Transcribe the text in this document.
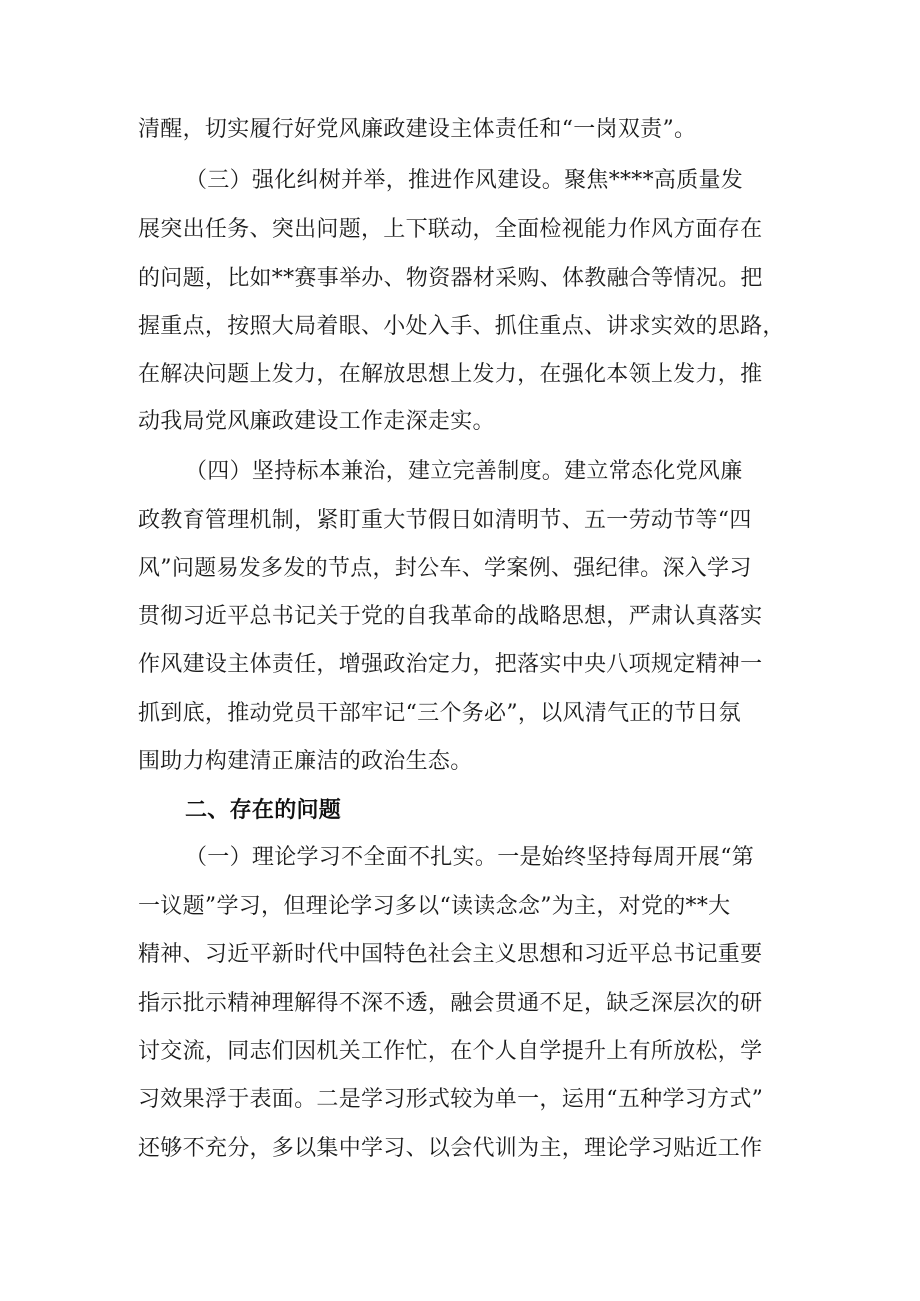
清醒，切实履行好党风廉政建设主体责任和“一岗双责”。
（三）强化纠树并举，推进作风建设。聚焦****高质量发
展突出任务、突出问题，上下联动，全面检视能力作风方面存在
的问题，比如**赛事举办、物资器材采购、体教融合等情况。把
握重点，按照大局着眼、小处入手、抓住重点、讲求实效的思路，
在解决问题上发力，在解放思想上发力，在强化本领上发力，推
动我局党风廉政建设工作走深走实。
（四）坚持标本兼治，建立完善制度。建立常态化党风廉
政教育管理机制，紧盯重大节假日如清明节、五一劳动节等“四
风”问题易发多发的节点，封公车、学案例、强纪律。深入学习
贯彻习近平总书记关于党的自我革命的战略思想，严肃认真落实
作风建设主体责任，增强政治定力，把落实中央八项规定精神一
抓到底，推动党员干部牢记“三个务必”，以风清气正的节日氛
围助力构建清正廉洁的政治生态。
二、存在的问题
（一）理论学习不全面不扎实。一是始终坚持每周开展“第
一议题”学习，但理论学习多以“读读念念”为主，对党的**大
精神、习近平新时代中国特色社会主义思想和习近平总书记重要
指示批示精神理解得不深不透，融会贯通不足，缺乏深层次的研
讨交流，同志们因机关工作忙，在个人自学提升上有所放松，学
习效果浮于表面。二是学习形式较为单一，运用“五种学习方式”
还够不充分，多以集中学习、以会代训为主，理论学习贴近工作
